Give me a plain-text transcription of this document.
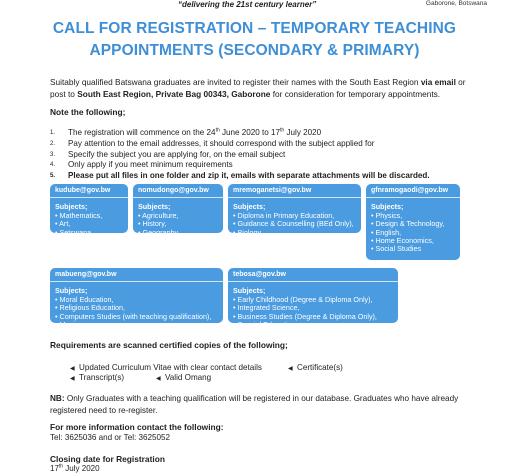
“delivering the 21st century learner”	Gaborone, Botswana
CALL FOR REGISTRATION – TEMPORARY TEACHING
APPOINTMENTS (SECONDARY & PRIMARY)
Suitably qualified Batswana graduates are invited to register their names with the South East Region via email or post to South East Region, Private Bag 00343, Gaborone for consideration for temporary appointments.
Note the following;
1.	The registration will commence on the 24th June 2020 to 17th July 2020
2.	Pay attention to the email addresses, it should correspond with the subject applied for
3.	Specify the subject you are applying for, on the email subject
4.	Only apply if you meet minimum requirements
5.	Please put all files in one folder and zip it, emails with separate attachments will be discarded.
kudube@gov.bw
Subjects;
• Mathematics,
• Art,
• Setswana,
• Chemistry
nomudongo@gov.bw
Subjects;
• Agriculture,
• History,
• Geography
mremoganetsi@gov.bw
Subjects;
• Diploma in Primary Education,
• Guidance & Counselling (BEd Only),
• Biology,
• Physical Education
gfnramogaodi@gov.bw
Subjects;
• Physics,
• Design & Technology,
• English,
• Home Economics,
• Social Studies
mabueng@gov.bw
Subjects;
• Moral Education,
• Religious Education,
• Computers Studies (with teaching qualification),
• Music
tebosa@gov.bw
Subjects;
• Early Childhood (Degree & Diploma Only),
• Integrated Science,
• Business Studies (Degree & Diploma Only),
• Special Education
Requirements are scanned certified copies of the following;
◀ Updated Curriculum Vitae with clear contact details	◀ Certificate(s)
◀ Transcript(s)	◀ Valid Omang
NB: Only Graduates with a teaching qualification will be registered in our database. Graduates who have already registered need to re-register.
For more information contact the following:
Tel: 3625036 and or Tel: 3625052
Closing date for Registration
17th July 2020
